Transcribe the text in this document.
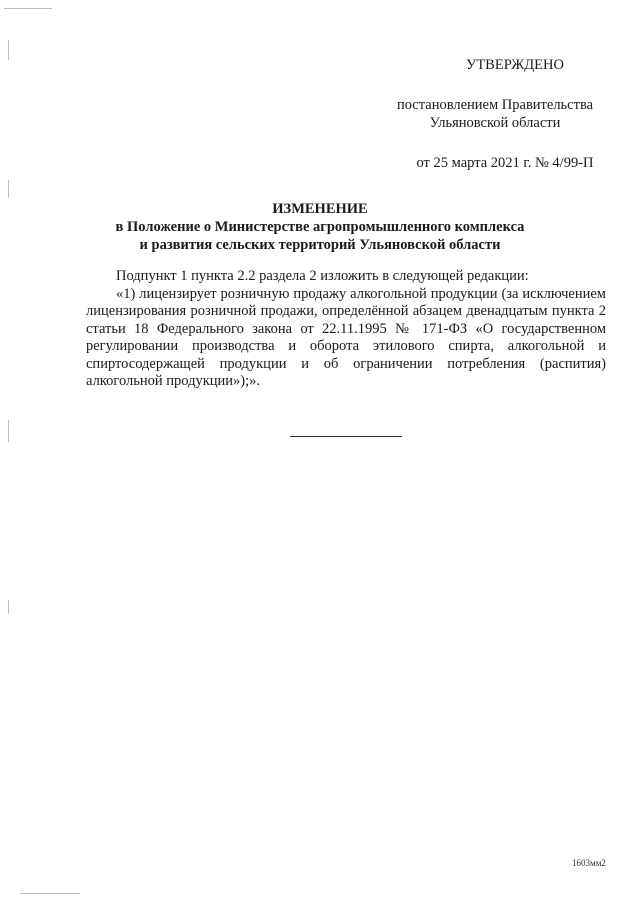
УТВЕРЖДЕНО
постановлением Правительства
Ульяновской области
от 25 марта 2021 г. № 4/99-П
ИЗМЕНЕНИЕ
в Положение о Министерстве агропромышленного комплекса
и развития сельских территорий Ульяновской области

Подпункт 1 пункта 2.2 раздела 2 изложить в следующей редакции:

«1) лицензирует розничную продажу алкогольной продукции (за исключением лицензирования розничной продажи, определённой абзацем двенадцатым пункта 2 статьи 18 Федерального закона от 22.11.1995 № 171-ФЗ «О государственном регулировании производства и оборота этилового спирта, алкогольной и спиртосодержащей продукции и об ограничении потребления (распития) алкогольной продукции»);».

1603мм2
